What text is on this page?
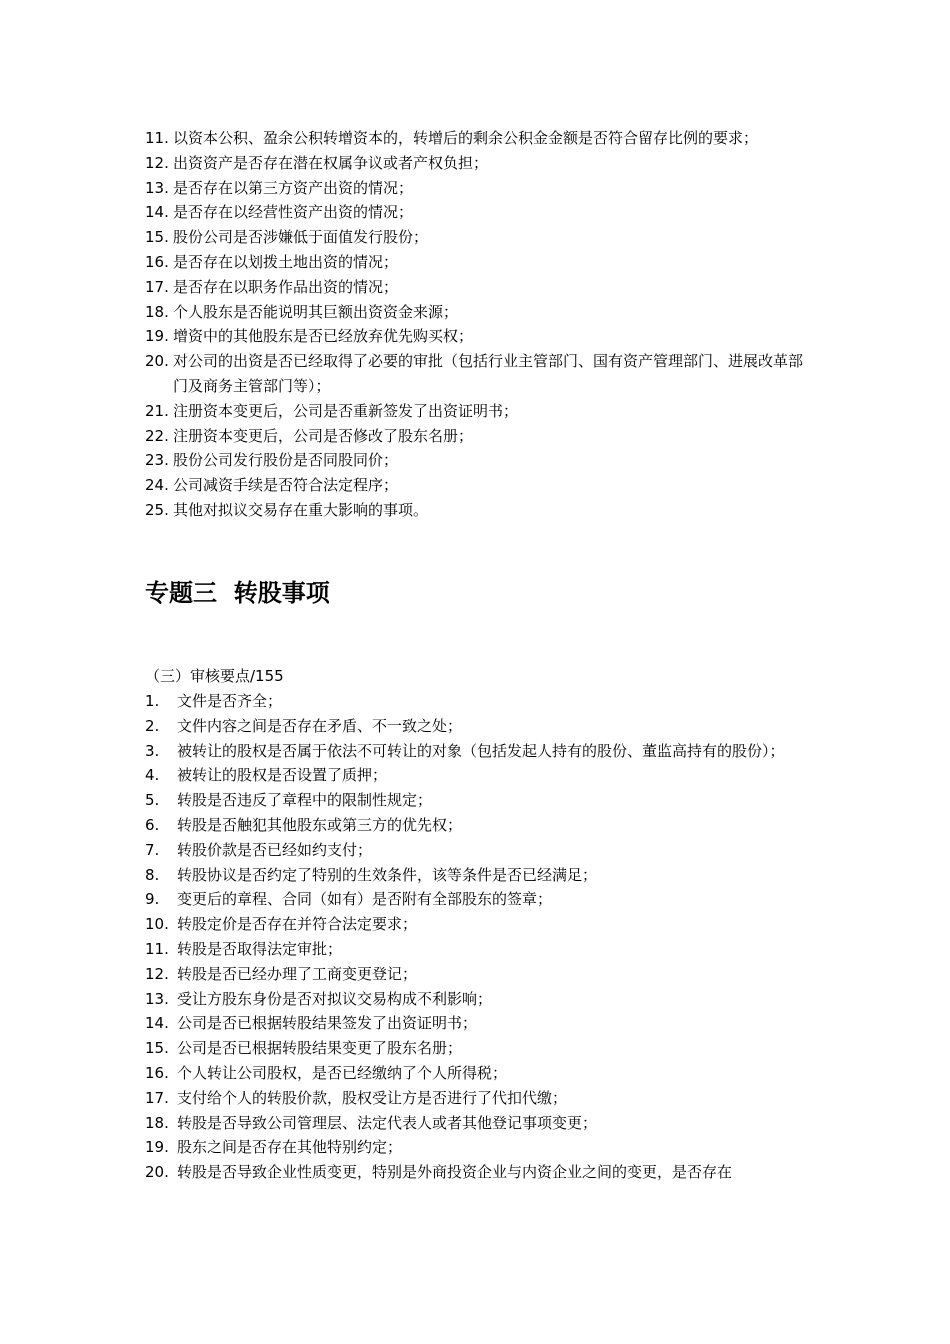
11. 以资本公积、盈余公积转增资本的，转增后的剩余公积金金额是否符合留存比例的要求；
12. 出资资产是否存在潜在权属争议或者产权负担；
13. 是否存在以第三方资产出资的情况；
14. 是否存在以经营性资产出资的情况；
15. 股份公司是否涉嫌低于面值发行股份；
16. 是否存在以划拨土地出资的情况；
17. 是否存在以职务作品出资的情况；
18. 个人股东是否能说明其巨额出资资金来源；
19. 增资中的其他股东是否已经放弃优先购买权；
20. 对公司的出资是否已经取得了必要的审批（包括行业主管部门、国有资产管理部门、进展改革部门及商务主管部门等）；
21. 注册资本变更后，公司是否重新签发了出资证明书；
22. 注册资本变更后，公司是否修改了股东名册；
23. 股份公司发行股份是否同股同价；
24. 公司减资手续是否符合法定程序；
25. 其他对拟议交易存在重大影响的事项。
专题三  转股事项
（三）审核要点/155
1. 文件是否齐全；
2. 文件内容之间是否存在矛盾、不一致之处；
3. 被转让的股权是否属于依法不可转让的对象（包括发起人持有的股份、董监高持有的股份）；
4. 被转让的股权是否设置了质押；
5. 转股是否违反了章程中的限制性规定；
6. 转股是否触犯其他股东或第三方的优先权；
7. 转股价款是否已经如约支付；
8. 转股协议是否约定了特别的生效条件，该等条件是否已经满足；
9. 变更后的章程、合同（如有）是否附有全部股东的签章；
10. 转股定价是否存在并符合法定要求；
11. 转股是否取得法定审批；
12. 转股是否已经办理了工商变更登记；
13. 受让方股东身份是否对拟议交易构成不利影响；
14. 公司是否已根据转股结果签发了出资证明书；
15. 公司是否已根据转股结果变更了股东名册；
16. 个人转让公司股权，是否已经缴纳了个人所得税；
17. 支付给个人的转股价款，股权受让方是否进行了代扣代缴；
18. 转股是否导致公司管理层、法定代表人或者其他登记事项变更；
19. 股东之间是否存在其他特别约定；
20. 转股是否导致企业性质变更，特别是外商投资企业与内资企业之间的变更，是否存在
